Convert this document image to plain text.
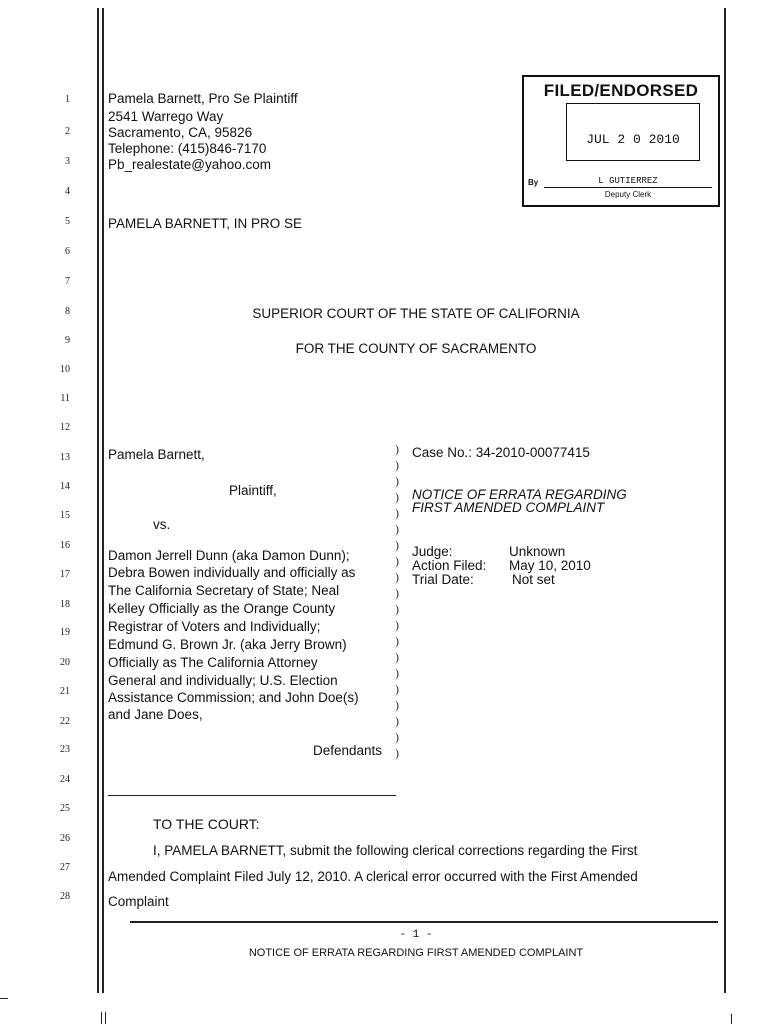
1
2
3
4
5
6
7
8
9
10
11
12
13
14
15
16
17
18
19
20
21
22
23
24
25
26
27
28
Pamela Barnett, Pro Se Plaintiff
2541 Warrego Way
Sacramento, CA, 95826
Telephone: (415)846-7170
Pb_realestate@yahoo.com
PAMELA BARNETT, IN PRO SE
FILED/ENDORSED
JUL 2 0 2010
By	L GUTIERREZ
Deputy Clerk
SUPERIOR COURT OF THE STATE OF CALIFORNIA
FOR THE COUNTY OF SACRAMENTO
Pamela Barnett,
Plaintiff,
vs.
Damon Jerrell Dunn (aka Damon Dunn);
Debra Bowen individually and officially as
The California Secretary of State; Neal
Kelley Officially as the Orange County
Registrar of Voters and Individually;
Edmund G. Brown Jr. (aka Jerry Brown)
Officially as The California Attorney
General and individually; U.S. Election
Assistance Commission; and John Doe(s)
and Jane Does,
Defendants
)
)
)
)
)
)
)
)
)
)
)
)
)
)
)
)
)
)
)
)
Case No.: 34-2010-00077415
NOTICE OF ERRATA REGARDING
FIRST AMENDED COMPLAINT
Judge:	Unknown
Action Filed: May 10, 2010
Trial Date:	Not set
TO THE COURT:
I, PAMELA BARNETT, submit the following clerical corrections regarding the First
Amended Complaint Filed July 12, 2010. A clerical error occurred with the First Amended
Complaint
- 1 -
NOTICE OF ERRATA REGARDING FIRST AMENDED COMPLAINT
